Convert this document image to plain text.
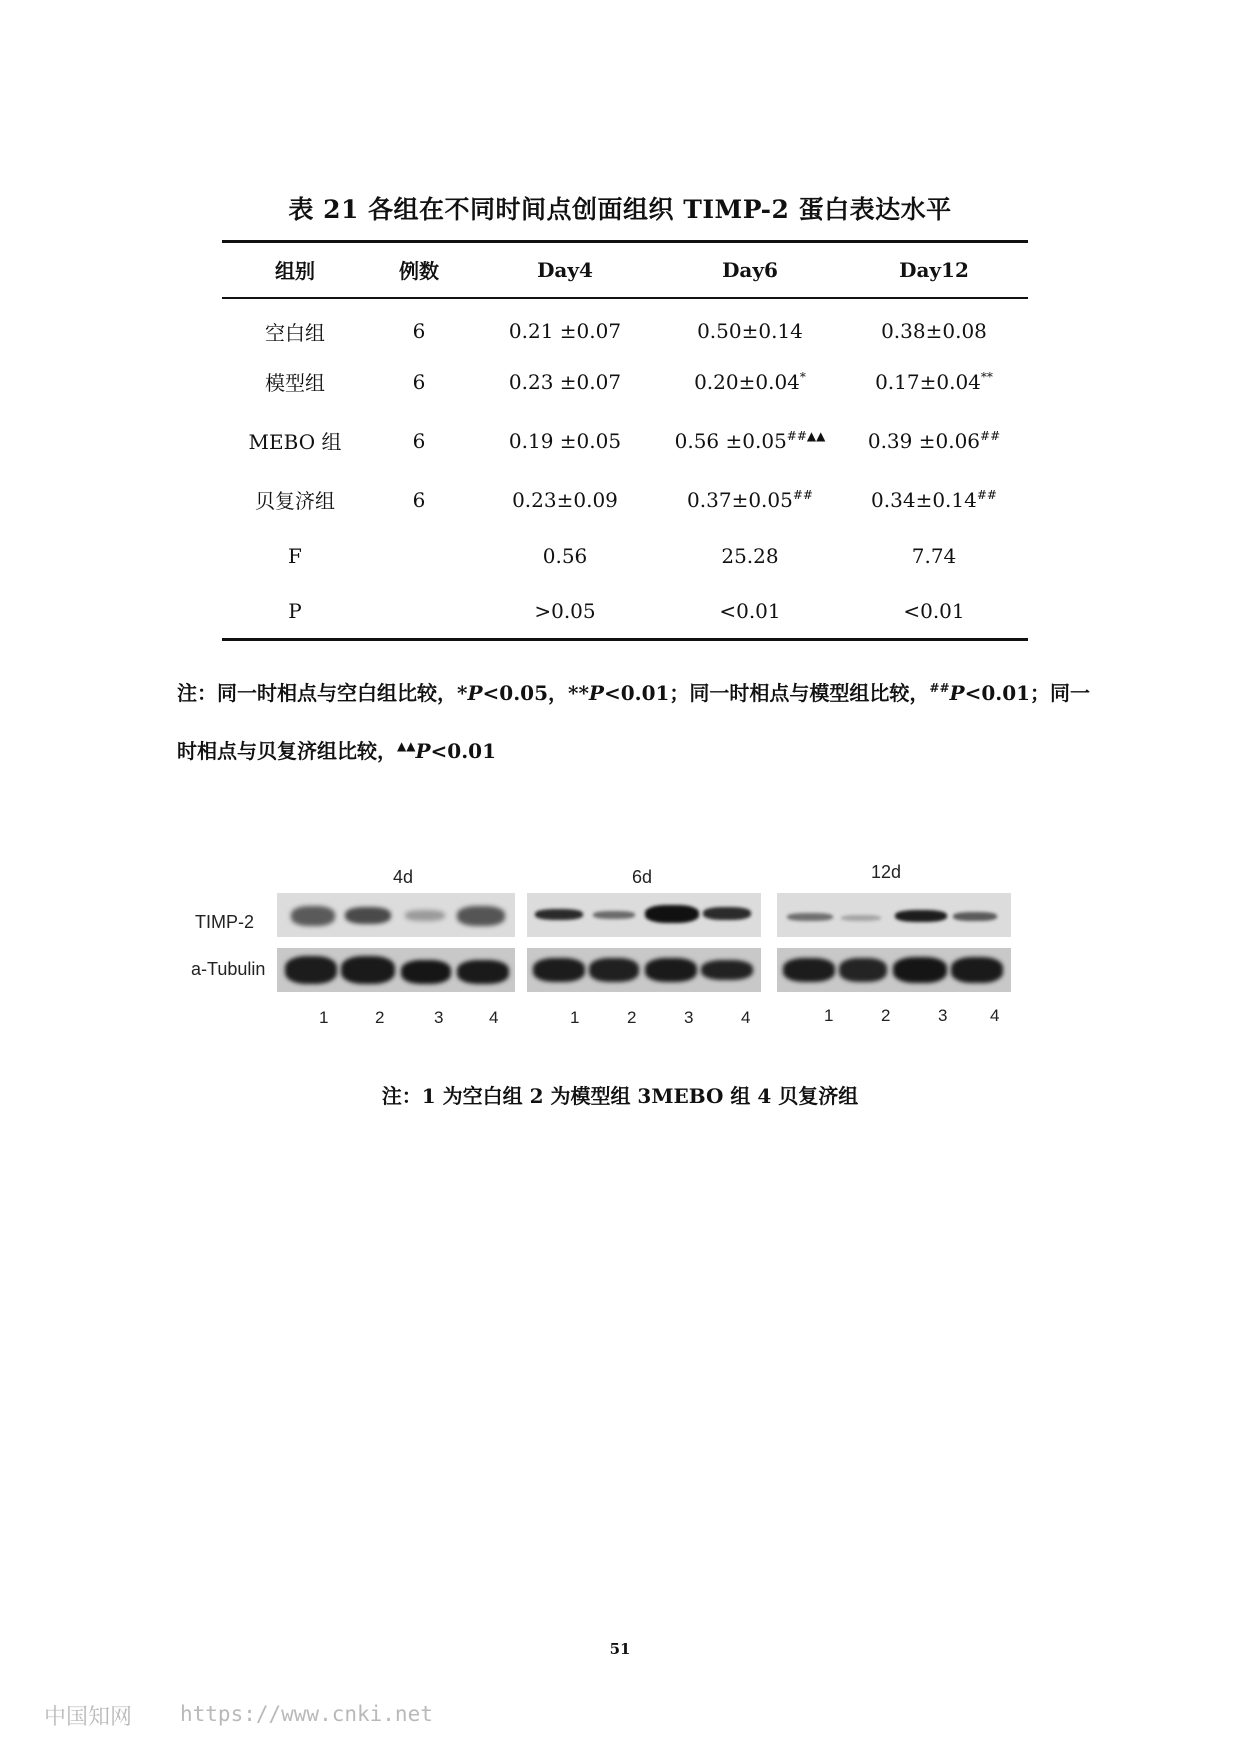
表 21 各组在不同时间点创面组织 TIMP-2 蛋白表达水平
组别	例数	Day4	Day6	Day12
空白组	6	0.21 ±0.07	0.50±0.14	0.38±0.08
模型组	6	0.23 ±0.07	0.20±0.04*	0.17±0.04**
MEBO 组	6	0.19 ±0.05	0.56 ±0.05##▲▲	0.39 ±0.06##
贝复济组	6	0.23±0.09	0.37±0.05##	0.34±0.14##
F		0.56	25.28	7.74
P		>0.05	<0.01	<0.01
注：同一时相点与空白组比较，*P<0.05，**P<0.01；同一时相点与模型组比较，##P<0.01；同一
时相点与贝复济组比较，▲▲P<0.01
4d	6d	12d
TIMP-2
a-Tubulin
1	2	3	4	1	2	3	4	1	2	3	4
注：1 为空白组 2 为模型组 3MEBO 组 4 贝复济组
51
中国知网 https://www.cnki.net
